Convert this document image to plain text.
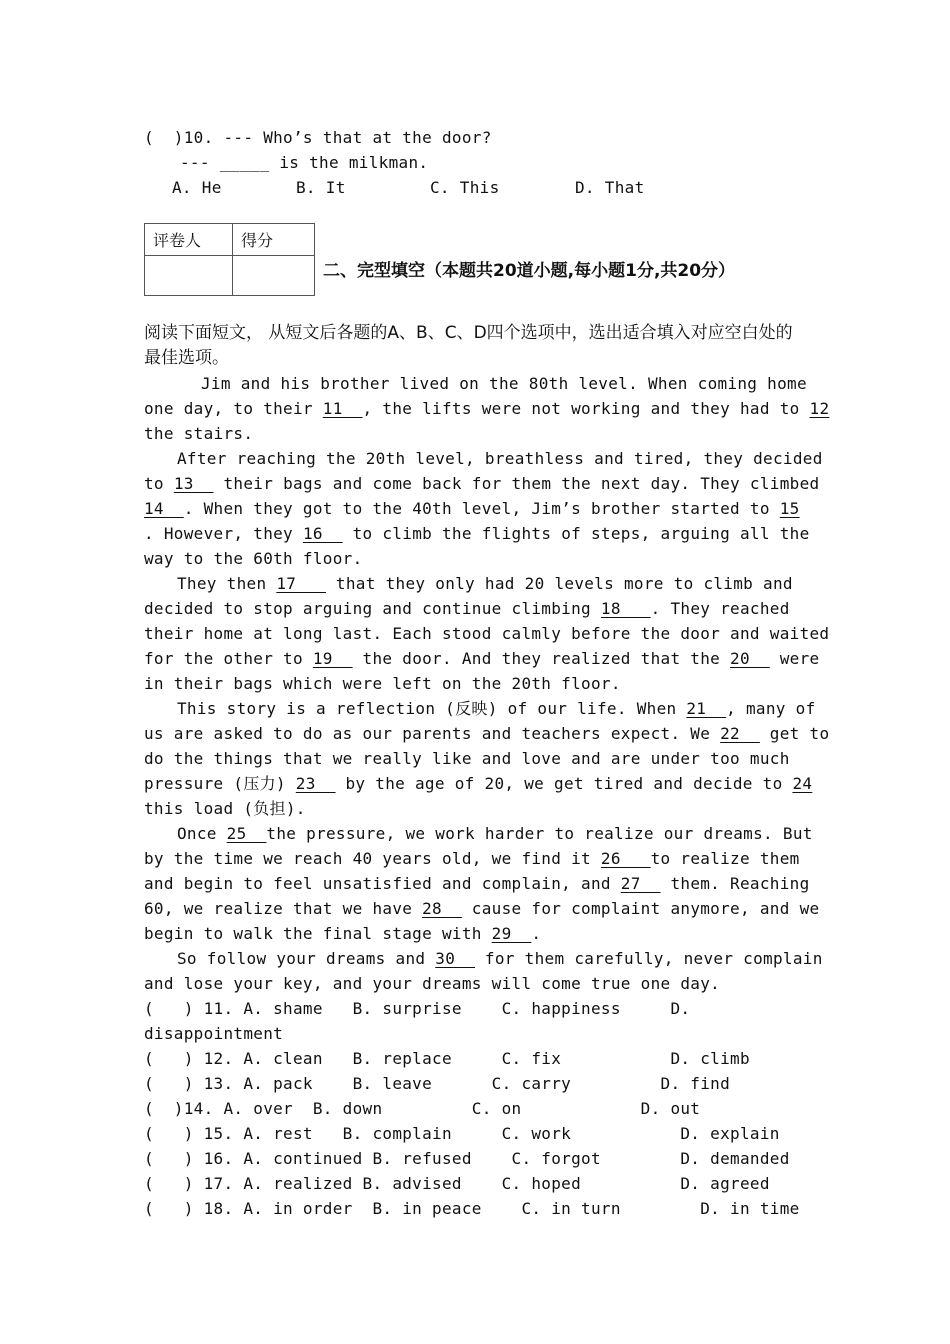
(  )10. --- Who’s that at the door?
--- _____ is the milkman.
A. He	B. It	C. This	D. That
评卷人	得分

二、完型填空（本题共20道小题,每小题1分,共20分）
阅读下面短文， 从短文后各题的A、B、C、D四个选项中，选出适合填入对应空白处的最佳选项。
Jim and his brother lived on the 80th level. When coming home
one day, to their 11  , the lifts were not working and they had to 12
the stairs.
After reaching the 20th level, breathless and tired, they decided
to 13   their bags and come back for them the next day. They climbed
14  . When they got to the 40th level, Jim’s brother started to 15
. However, they 16   to climb the flights of steps, arguing all the
way to the 60th floor.
They then 17    that they only had 20 levels more to climb and
decided to stop arguing and continue climbing 18   . They reached
their home at long last. Each stood calmly before the door and waited
for the other to 19   the door. And they realized that the 20   were
in their bags which were left on the 20th floor.
This story is a reflection (反映) of our life. When 21  , many of
us are asked to do as our parents and teachers expect. We 22   get to
do the things that we really like and love and are under too much
pressure (压力) 23   by the age of 20, we get tired and decide to 24
this load (负担).
Once 25  the pressure, we work harder to realize our dreams. But
by the time we reach 40 years old, we find it 26   to realize them
and begin to feel unsatisfied and complain, and 27   them. Reaching
60, we realize that we have 28   cause for complaint anymore, and we
begin to walk the final stage with 29  .
So follow your dreams and 30   for them carefully, never complain
and lose your key, and your dreams will come true one day.
(   ) 11. A. shame   B. surprise    C. happiness     D.
disappointment
(   ) 12. A. clean   B. replace     C. fix           D. climb
(   ) 13. A. pack    B. leave      C. carry         D. find
(  )14. A. over  B. down         C. on            D. out
(   ) 15. A. rest   B. complain     C. work           D. explain
(   ) 16. A. continued B. refused    C. forgot        D. demanded
(   ) 17. A. realized B. advised    C. hoped          D. agreed
(   ) 18. A. in order  B. in peace    C. in turn        D. in time
